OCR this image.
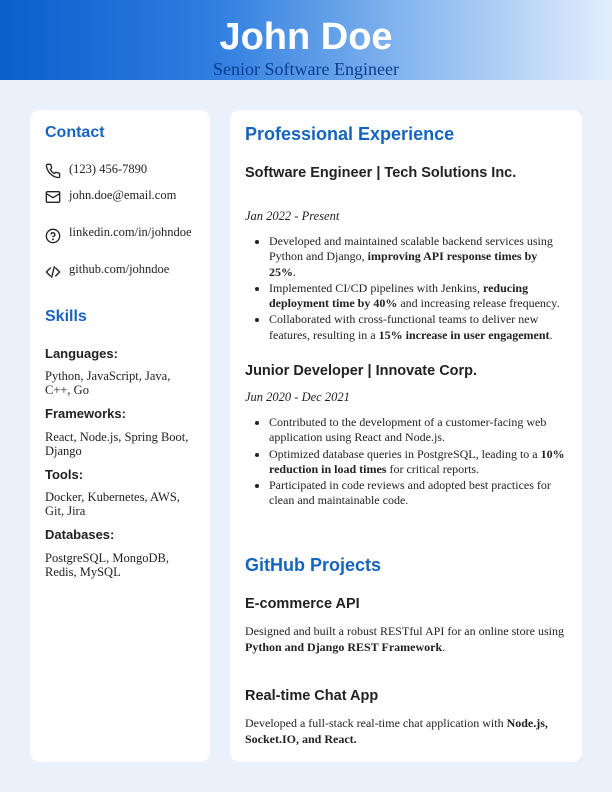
John Doe
Senior Software Engineer
Contact
(123) 456-7890
john.doe@email.com
linkedin.com/in/johndoe
github.com/johndoe
Skills
Languages:
Python, JavaScript, Java, C++, Go
Frameworks:
React, Node.js, Spring Boot, Django
Tools:
Docker, Kubernetes, AWS, Git, Jira
Databases:
PostgreSQL, MongoDB, Redis, MySQL
Professional Experience
Software Engineer | Tech Solutions Inc.
Jan 2022 - Present
• Developed and maintained scalable backend services using Python and Django, improving API response times by 25%.
• Implemented CI/CD pipelines with Jenkins, reducing deployment time by 40% and increasing release frequency.
• Collaborated with cross-functional teams to deliver new features, resulting in a 15% increase in user engagement.
Junior Developer | Innovate Corp.
Jun 2020 - Dec 2021
• Contributed to the development of a customer-facing web application using React and Node.js.
• Optimized database queries in PostgreSQL, leading to a 10% reduction in load times for critical reports.
• Participated in code reviews and adopted best practices for clean and maintainable code.
GitHub Projects
E-commerce API
Designed and built a robust RESTful API for an online store using Python and Django REST Framework.
Real-time Chat App
Developed a full-stack real-time chat application with Node.js, Socket.IO, and React.
